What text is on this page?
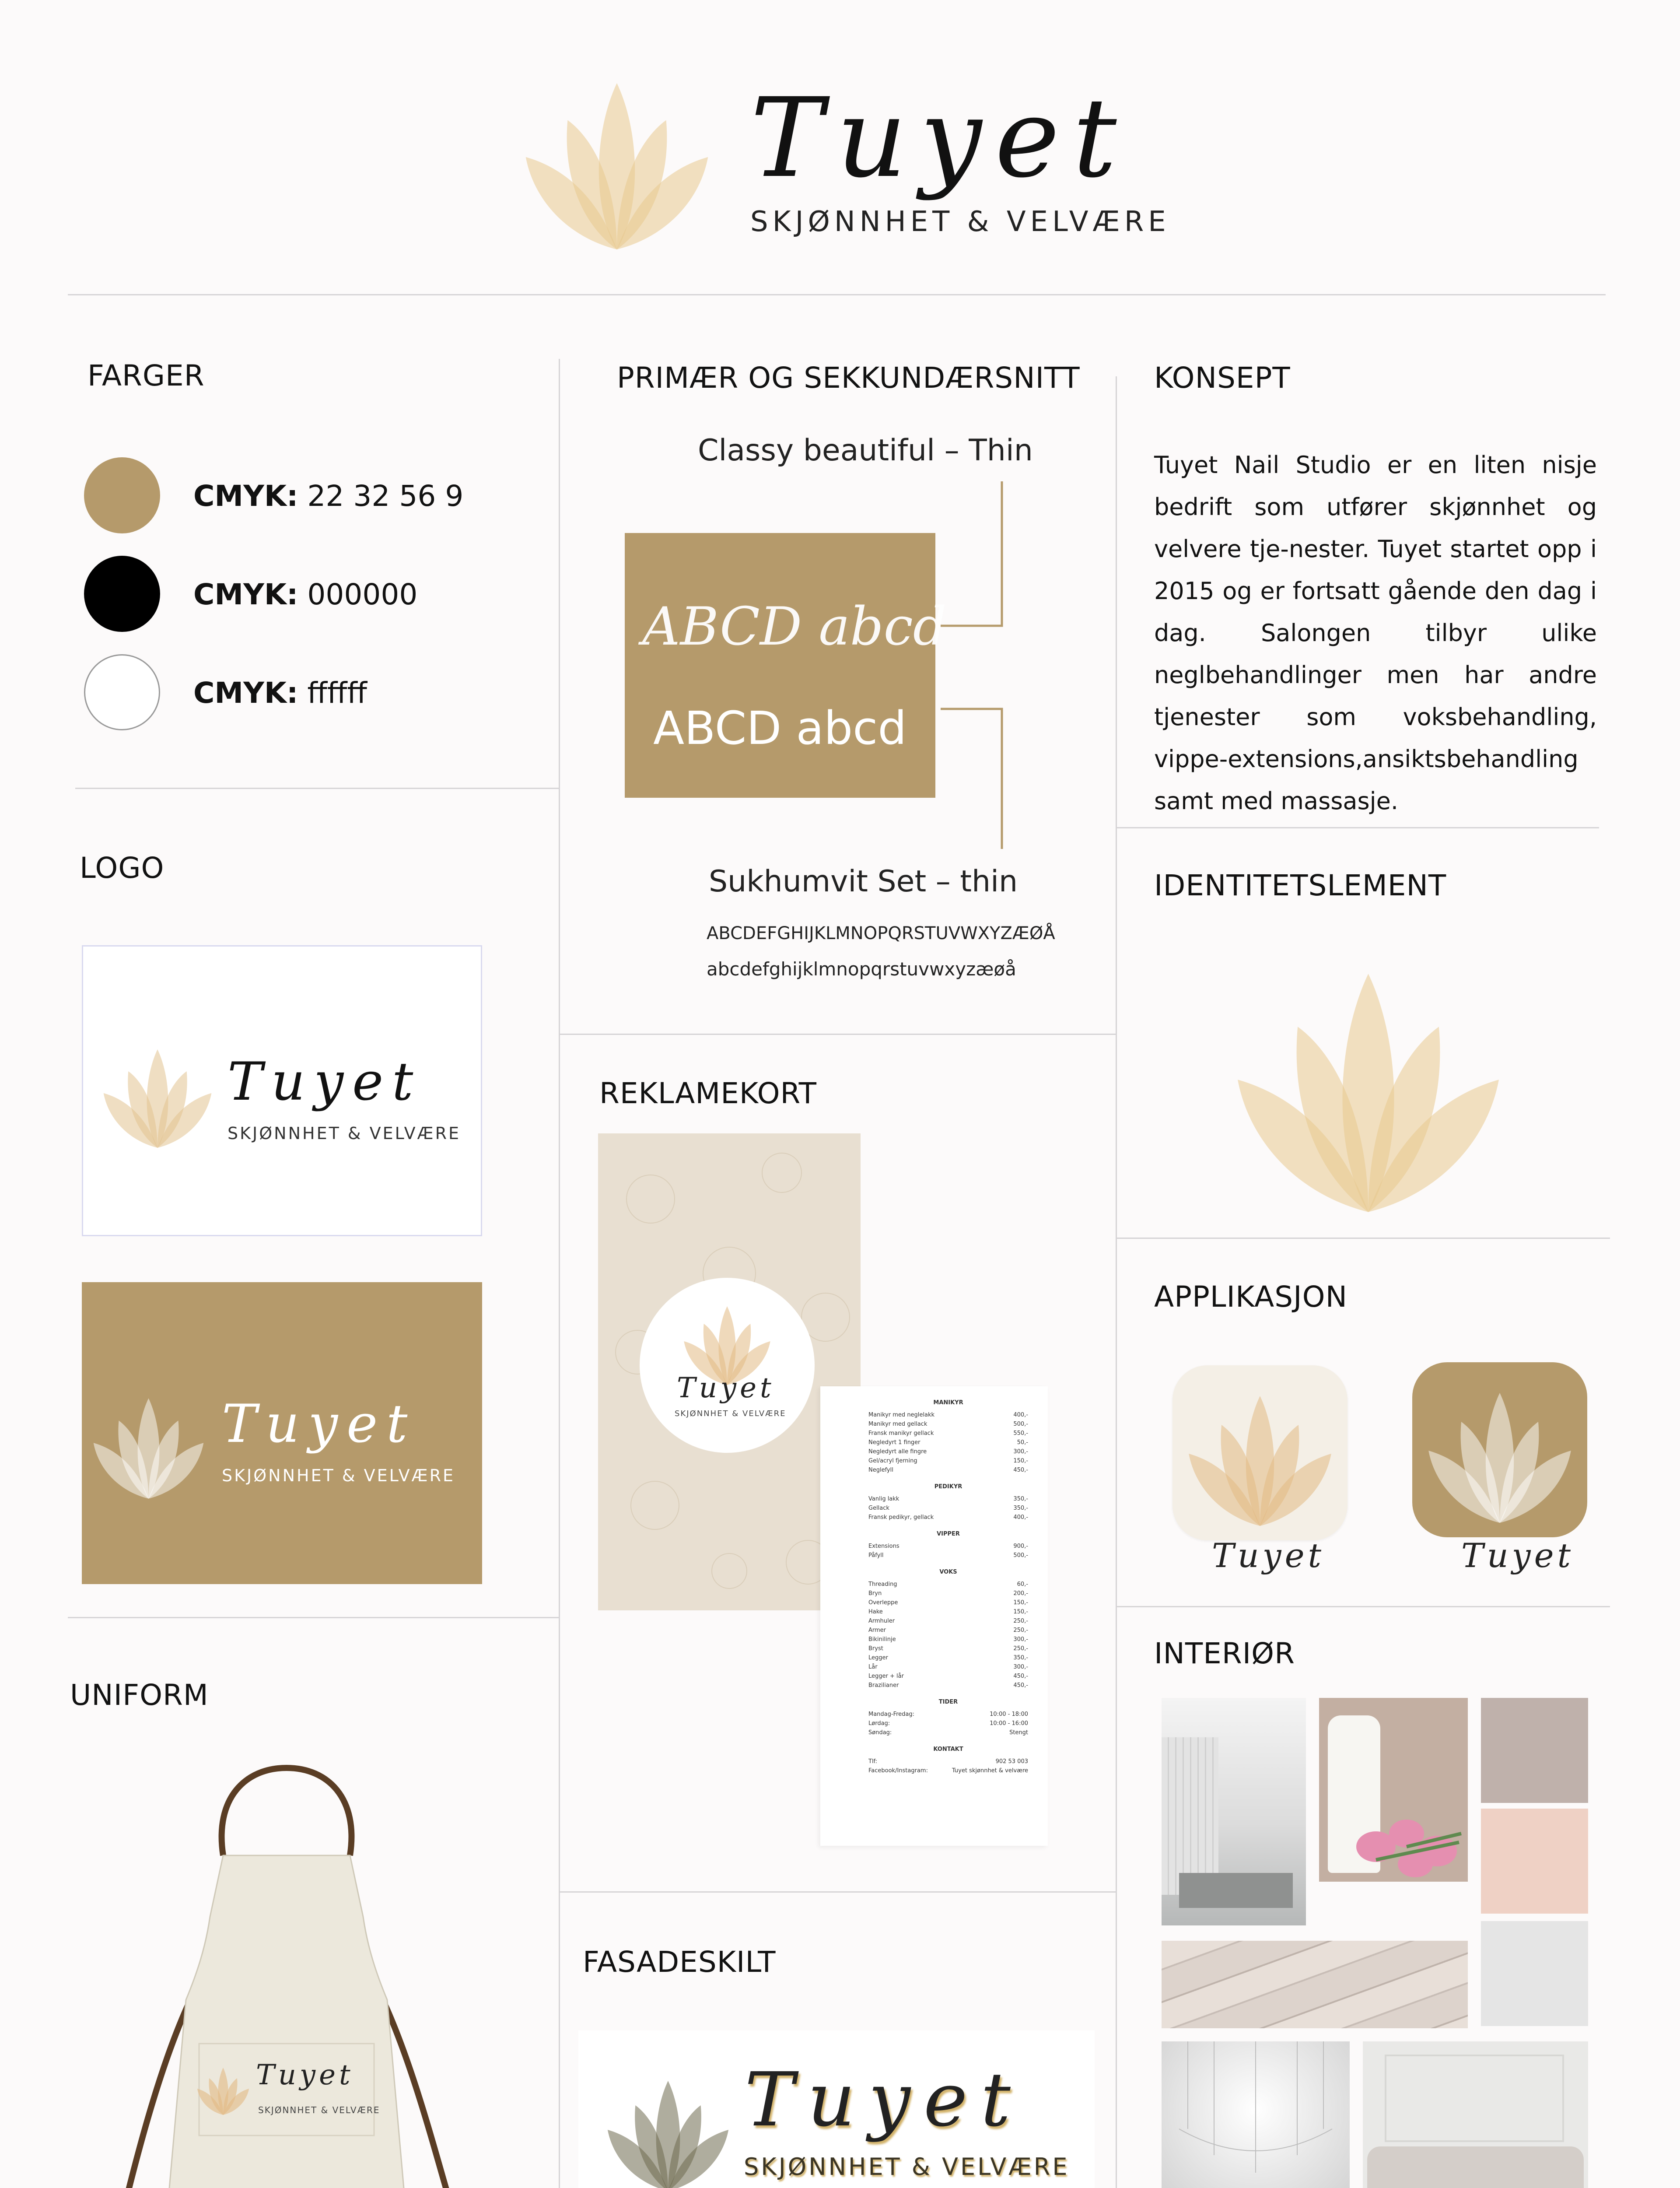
Tuyet
SKJØNNHET & VELVÆRE
FARGER
CMYK: 22 32 56 9
CMYK: 000000
CMYK: ffffff
LOGO
Tuyet
SKJØNNHET & VELVÆRE
Tuyet
SKJØNNHET & VELVÆRE
UNIFORM
Tuyet
SKJØNNHET & VELVÆRE
PRIMÆR OG SEKKUNDÆRSNITT
Classy beautiful – Thin
ABCD abcd
ABCD abcd
Sukhumvit Set – thin
ABCDEFGHIJKLMNOPQRSTUVWXYZÆØÅ
abcdefghijklmnopqrstuvwxyzæøå
REKLAMEKORT
Tuyet
SKJØNNHET & VELVÆRE
MANIKYR
Manikyr med neglelakk	400,-
Manikyr med gellack	500,-
Fransk manikyr gellack	550,-
Negledyrt 1 finger	50,-
Negledyrt alle fingre	300,-
Gel/acryl fjerning	150,-
Neglefyll	450,-
PEDIKYR
Vanlig lakk	350,-
Gellack	350,-
Fransk pedikyr, gellack	400,-
VIPPER
Extensions	900,-
Påfyll	500,-
VOKS
Threading	60,-
Bryn	200,-
Overleppe	150,-
Hake	150,-
Armhuler	250,-
Armer	250,-
Bikinilinje	300,-
Bryst	250,-
Legger	350,-
Lår	300,-
Legger + lår	450,-
Brazilianer	450,-
TIDER
Mandag-Fredag:	10:00 - 18:00
Lørdag:	10:00 - 16:00
Søndag:	Stengt
KONTAKT
Tlf:	902 53 003
Facebook/Instagram:	Tuyet skjønnhet & velvære
FASADESKILT
Tuyet
SKJØNNHET & VELVÆRE
KONSEPT
Tuyet Nail Studio er en liten nisje bedrift som utfører skjønnhet og velvere tje-nester. Tuyet startet opp i 2015 og er fortsatt gående den dag i dag. Salongen tilbyr ulike neglbehandlinger men har andre tjenester som voksbehandling, vippe-extensions,ansiktsbehandling samt med massasje.
IDENTITETSLEMENT
APPLIKASJON
Tuyet	Tuyet
INTERIØR
